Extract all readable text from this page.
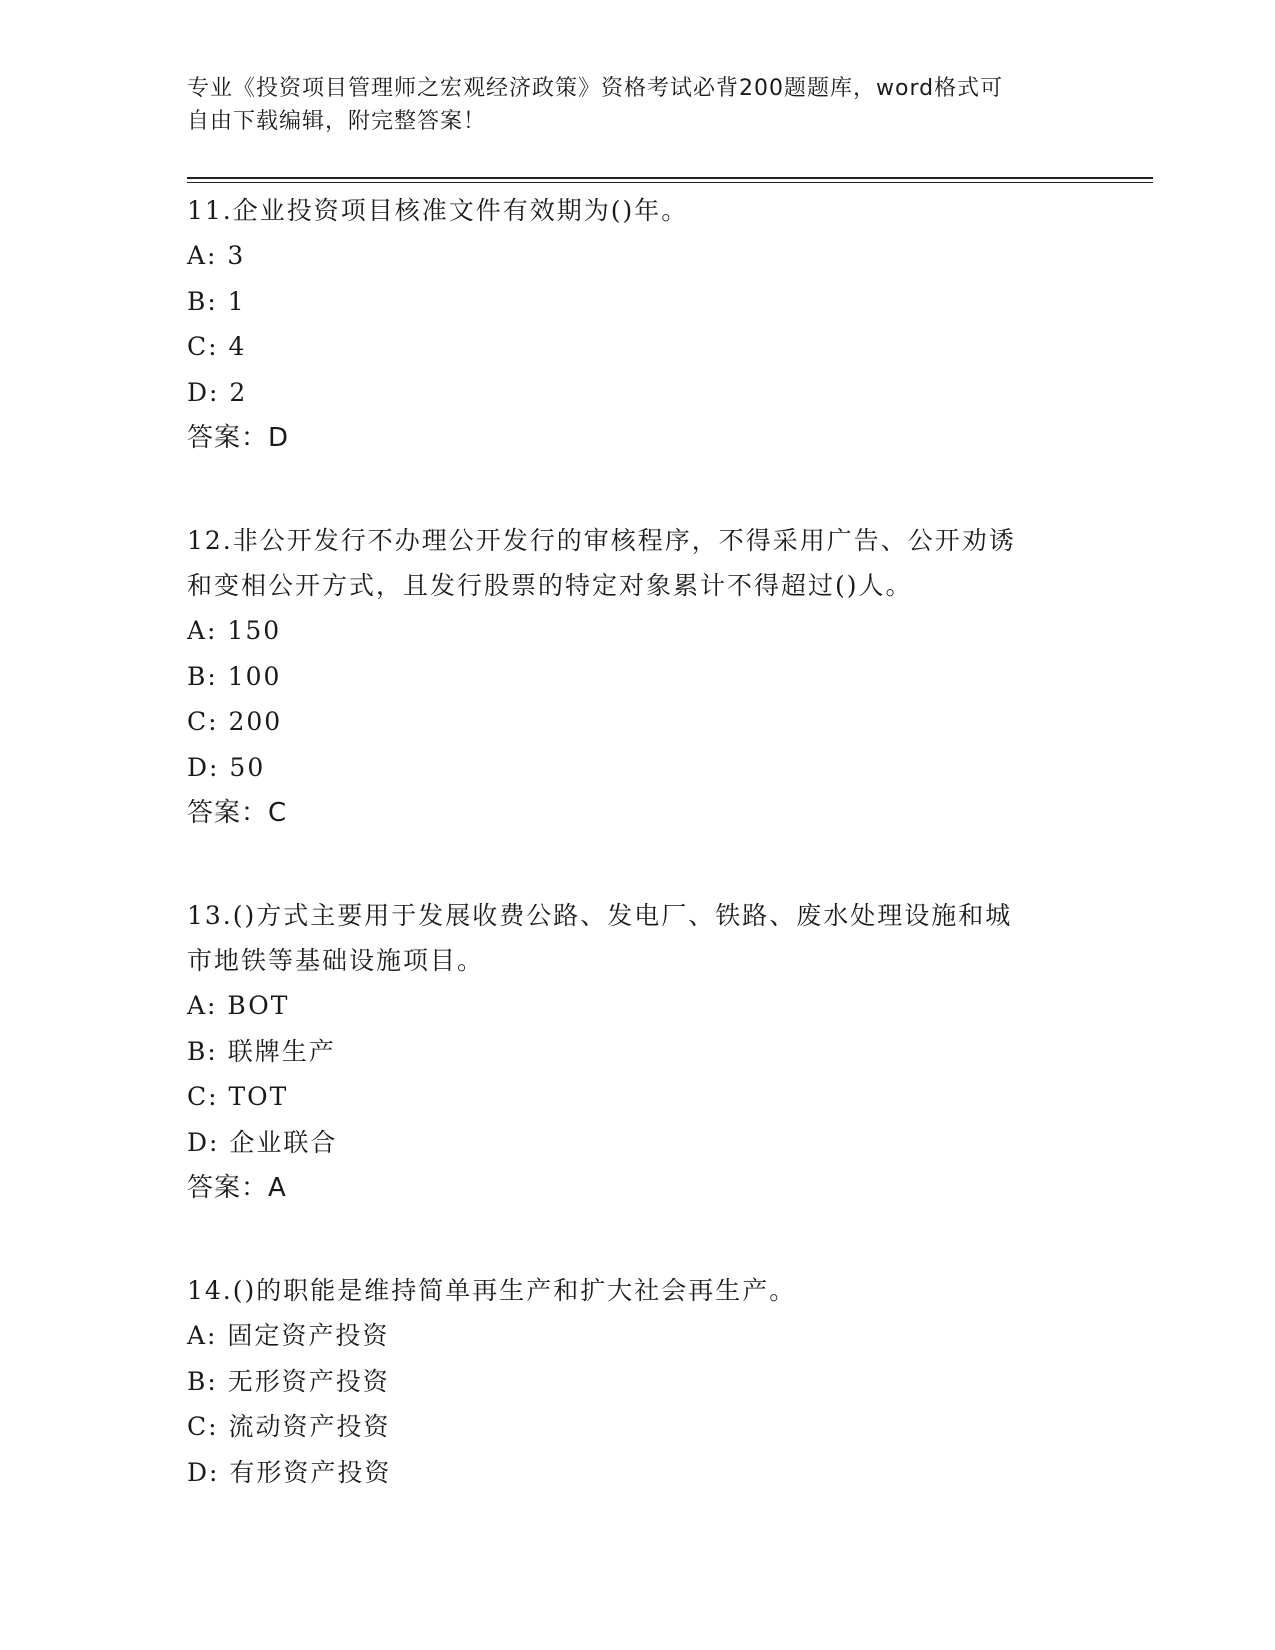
专业《投资项目管理师之宏观经济政策》资格考试必背200题题库，word格式可
自由下载编辑，附完整答案！
11.企业投资项目核准文件有效期为()年。
A: 3
B: 1
C: 4
D: 2
答案：D
12.非公开发行不办理公开发行的审核程序，不得采用广告、公开劝诱
和变相公开方式，且发行股票的特定对象累计不得超过()人。
A: 150
B: 100
C: 200
D: 50
答案：C
13.()方式主要用于发展收费公路、发电厂、铁路、废水处理设施和城
市地铁等基础设施项目。
A: BOT
B: 联牌生产
C: TOT
D: 企业联合
答案：A
14.()的职能是维持简单再生产和扩大社会再生产。
A: 固定资产投资
B: 无形资产投资
C: 流动资产投资
D: 有形资产投资
